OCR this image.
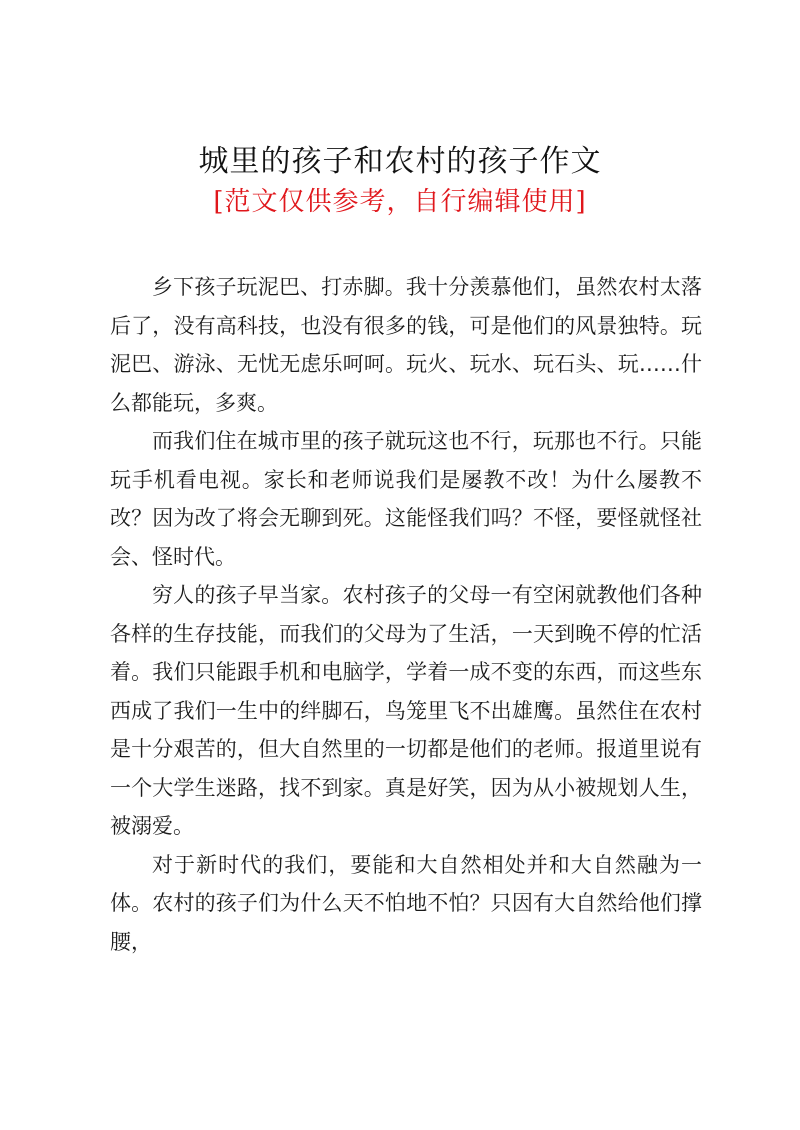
城里的孩子和农村的孩子作文
[范文仅供参考，自行编辑使用]

乡下孩子玩泥巴、打赤脚。我十分羡慕他们，虽然农村太落后了，没有高科技，也没有很多的钱，可是他们的风景独特。玩泥巴、游泳、无忧无虑乐呵呵。玩火、玩水、玩石头、玩……什么都能玩，多爽。

而我们住在城市里的孩子就玩这也不行，玩那也不行。只能玩手机看电视。家长和老师说我们是屡教不改！为什么屡教不改？因为改了将会无聊到死。这能怪我们吗？不怪，要怪就怪社会、怪时代。

穷人的孩子早当家。农村孩子的父母一有空闲就教他们各种各样的生存技能，而我们的父母为了生活，一天到晚不停的忙活着。我们只能跟手机和电脑学，学着一成不变的东西，而这些东西成了我们一生中的绊脚石，鸟笼里飞不出雄鹰。虽然住在农村是十分艰苦的，但大自然里的一切都是他们的老师。报道里说有一个大学生迷路，找不到家。真是好笑，因为从小被规划人生，被溺爱。

对于新时代的我们，要能和大自然相处并和大自然融为一体。农村的孩子们为什么天不怕地不怕？只因有大自然给他们撑腰，
